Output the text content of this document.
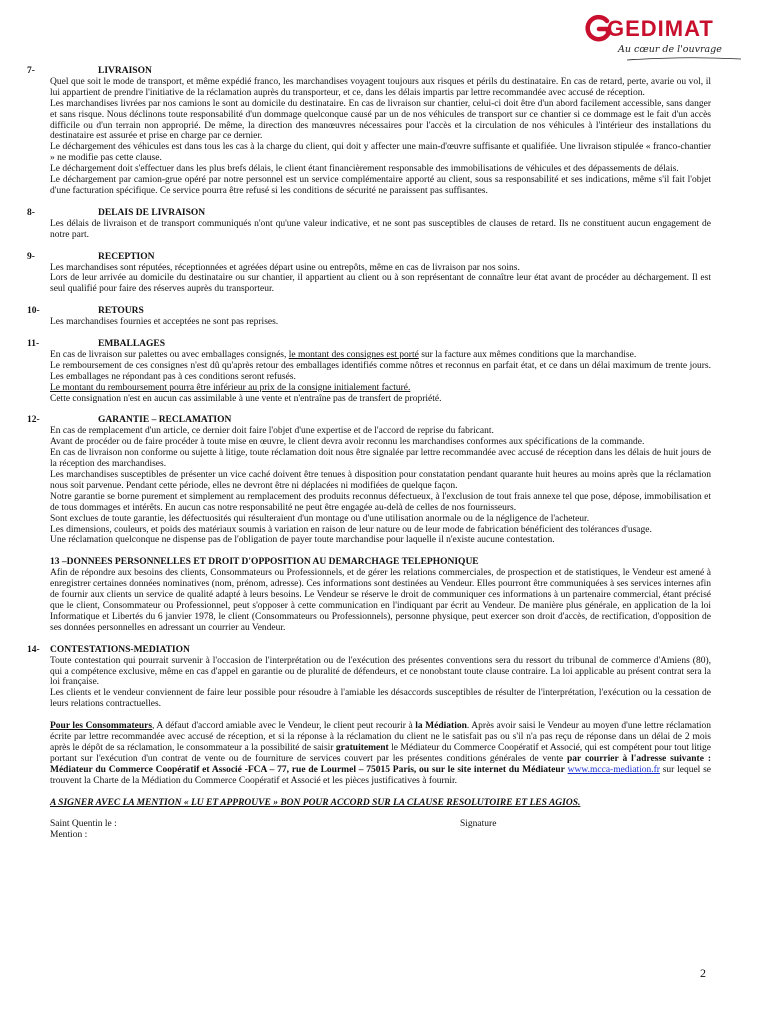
GEDIMAT
Au cœur de l'ouvrage
7-	LIVRAISON

Quel que soit le mode de transport, et même expédié franco, les marchandises voyagent toujours aux risques et périls du destinataire. En cas de retard, perte, avarie ou vol, il lui appartient de prendre l'initiative de la réclamation auprès du transporteur, et ce, dans les délais impartis par lettre recommandée avec accusé de réception.

Les marchandises livrées par nos camions le sont au domicile du destinataire. En cas de livraison sur chantier, celui-ci doit être d'un abord facilement accessible, sans danger et sans risque. Nous déclinons toute responsabilité d'un dommage quelconque causé par un de nos véhicules de transport sur ce chantier si ce dommage est le fait d'un accès difficile ou d'un terrain non approprié. De même, la direction des manœuvres nécessaires pour l'accès et la circulation de nos véhicules à l'intérieur des installations du destinataire est assurée et prise en charge par ce dernier.

Le déchargement des véhicules est dans tous les cas à la charge du client, qui doit y affecter une main-d'œuvre suffisante et qualifiée. Une livraison stipulée « franco-chantier » ne modifie pas cette clause.

Le déchargement doit s'effectuer dans les plus brefs délais, le client étant financièrement responsable des immobilisations de véhicules et des dépassements de délais.

Le déchargement par camion-grue opéré par notre personnel est un service complémentaire apporté au client, sous sa responsabilité et ses indications, même s'il fait l'objet d'une facturation spécifique. Ce service pourra être refusé si les conditions de sécurité ne paraissent pas suffisantes.

8-	DELAIS DE LIVRAISON

Les délais de livraison et de transport communiqués n'ont qu'une valeur indicative, et ne sont pas susceptibles de clauses de retard. Ils ne constituent aucun engagement de notre part.

9-	RECEPTION

Les marchandises sont réputées, réceptionnées et agréées départ usine ou entrepôts, même en cas de livraison par nos soins.

Lors de leur arrivée au domicile du destinataire ou sur chantier, il appartient au client ou à son représentant de connaître leur état avant de procéder au déchargement. Il est seul qualifié pour faire des réserves auprès du transporteur.

10-	RETOURS

Les marchandises fournies et acceptées ne sont pas reprises.

11-	EMBALLAGES

En cas de livraison sur palettes ou avec emballages consignés, le montant des consignes est porté sur la facture aux mêmes conditions que la marchandise.

Le remboursement de ces consignes n'est dû qu'après retour des emballages identifiés comme nôtres et reconnus en parfait état, et ce dans un délai maximum de trente jours. Les emballages ne répondant pas à ces conditions seront refusés.

Le montant du remboursement pourra être inférieur au prix de la consigne initialement facturé.

Cette consignation n'est en aucun cas assimilable à une vente et n'entraîne pas de transfert de propriété.

12-	GARANTIE – RECLAMATION

En cas de remplacement d'un article, ce dernier doit faire l'objet d'une expertise et de l'accord de reprise du fabricant.

Avant de procéder ou de faire procéder à toute mise en œuvre, le client devra avoir reconnu les marchandises conformes aux spécifications de la commande.

En cas de livraison non conforme ou sujette à litige, toute réclamation doit nous être signalée par lettre recommandée avec accusé de réception dans les délais de huit jours de la réception des marchandises.

Les marchandises susceptibles de présenter un vice caché doivent être tenues à disposition pour constatation pendant quarante huit heures au moins après que la réclamation nous soit parvenue. Pendant cette période, elles ne devront être ni déplacées ni modifiées de quelque façon.

Notre garantie se borne purement et simplement au remplacement des produits reconnus défectueux, à l'exclusion de tout frais annexe tel que pose, dépose, immobilisation et de tous dommages et intérêts. En aucun cas notre responsabilité ne peut être engagée au-delà de celles de nos fournisseurs.

Sont exclues de toute garantie, les défectuosités qui résulteraient d'un montage ou d'une utilisation anormale ou de la négligence de l'acheteur.

Les dimensions, couleurs, et poids des matériaux soumis à variation en raison de leur nature ou de leur mode de fabrication bénéficient des tolérances d'usage.

Une réclamation quelconque ne dispense pas de l'obligation de payer toute marchandise pour laquelle il n'existe aucune contestation.

13 –DONNEES PERSONNELLES ET DROIT D'OPPOSITION AU DEMARCHAGE TELEPHONIQUE

Afin de répondre aux besoins des clients, Consommateurs ou Professionnels, et de gérer les relations commerciales, de prospection et de statistiques, le Vendeur est amené à enregistrer certaines données nominatives (nom, prénom, adresse). Ces informations sont destinées au Vendeur. Elles pourront être communiquées à ses services internes afin de fournir aux clients un service de qualité adapté à leurs besoins. Le Vendeur se réserve le droit de communiquer ces informations à un partenaire commercial, étant précisé que le client, Consommateur ou Professionnel, peut s'opposer à cette communication en l'indiquant par écrit au Vendeur. De manière plus générale, en application de la loi Informatique et Libertés du 6 janvier 1978, le client (Consommateurs ou Professionnels), personne physique, peut exercer son droit d'accès, de rectification, d'opposition de ses données personnelles en adressant un courrier au Vendeur.

14-	CONTESTATIONS-MEDIATION

Toute contestation qui pourrait survenir à l'occasion de l'interprétation ou de l'exécution des présentes conventions sera du ressort du tribunal de commerce d'Amiens (80), qui a compétence exclusive, même en cas d'appel en garantie ou de pluralité de défendeurs, et ce nonobstant toute clause contraire. La loi applicable au présent contrat sera la loi française.

Les clients et le vendeur conviennent de faire leur possible pour résoudre à l'amiable les désaccords susceptibles de résulter de l'interprétation, l'exécution ou la cessation de leurs relations contractuelles.

Pour les Consommateurs, A défaut d'accord amiable avec le Vendeur, le client peut recourir à la Médiation. Après avoir saisi le Vendeur au moyen d'une lettre réclamation écrite par lettre recommandée avec accusé de réception, et si la réponse à la réclamation du client ne le satisfait pas ou s'il n'a pas reçu de réponse dans un délai de 2 mois après le dépôt de sa réclamation, le consommateur a la possibilité de saisir gratuitement le Médiateur du Commerce Coopératif et Associé, qui est compétent pour tout litige portant sur l'exécution d'un contrat de vente ou de fourniture de services couvert par les présentes conditions générales de vente par courrier à l'adresse suivante : Médiateur du Commerce Coopératif et Associé -FCA – 77, rue de Lourmel – 75015 Paris, ou sur le site internet du Médiateur www.mcca-mediation.fr sur lequel se trouvent la Charte de la Médiation du Commerce Coopératif et Associé et les pièces justificatives à fournir.

A SIGNER AVEC LA MENTION « LU ET APPROUVE » BON POUR ACCORD SUR LA CLAUSE RESOLUTOIRE ET LES AGIOS.
Saint Quentin le :	Signature
Mention :
2
